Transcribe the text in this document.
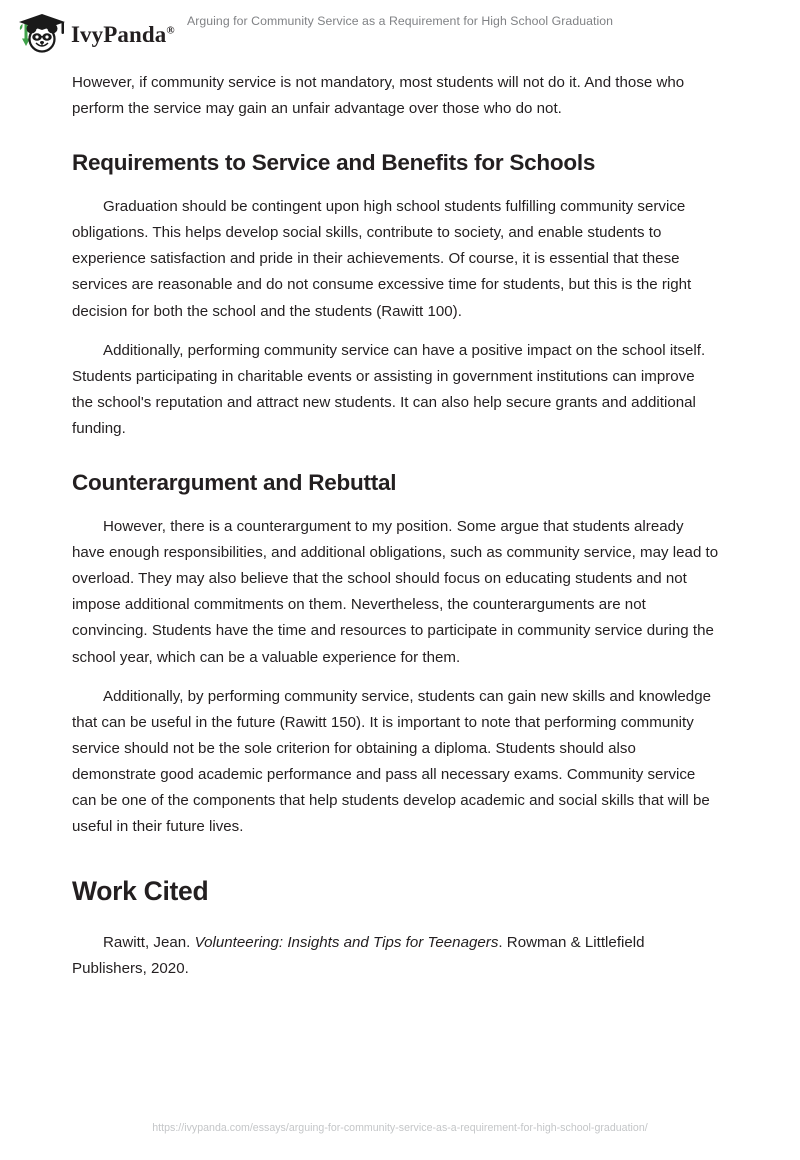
IvyPanda®
Arguing for Community Service as a Requirement for High School Graduation

However, if community service is not mandatory, most students will not do it. And those who perform the service may gain an unfair advantage over those who do not.

Requirements to Service and Benefits for Schools

Graduation should be contingent upon high school students fulfilling community service obligations. This helps develop social skills, contribute to society, and enable students to experience satisfaction and pride in their achievements. Of course, it is essential that these services are reasonable and do not consume excessive time for students, but this is the right decision for both the school and the students (Rawitt 100).

Additionally, performing community service can have a positive impact on the school itself. Students participating in charitable events or assisting in government institutions can improve the school's reputation and attract new students. It can also help secure grants and additional funding.

Counterargument and Rebuttal

However, there is a counterargument to my position. Some argue that students already have enough responsibilities, and additional obligations, such as community service, may lead to overload. They may also believe that the school should focus on educating students and not impose additional commitments on them. Nevertheless, the counterarguments are not convincing. Students have the time and resources to participate in community service during the school year, which can be a valuable experience for them.

Additionally, by performing community service, students can gain new skills and knowledge that can be useful in the future (Rawitt 150). It is important to note that performing community service should not be the sole criterion for obtaining a diploma. Students should also demonstrate good academic performance and pass all necessary exams. Community service can be one of the components that help students develop academic and social skills that will be useful in their future lives.

Work Cited

Rawitt, Jean. Volunteering: Insights and Tips for Teenagers. Rowman & Littlefield Publishers, 2020.

https://ivypanda.com/essays/arguing-for-community-service-as-a-requirement-for-high-school-graduation/
